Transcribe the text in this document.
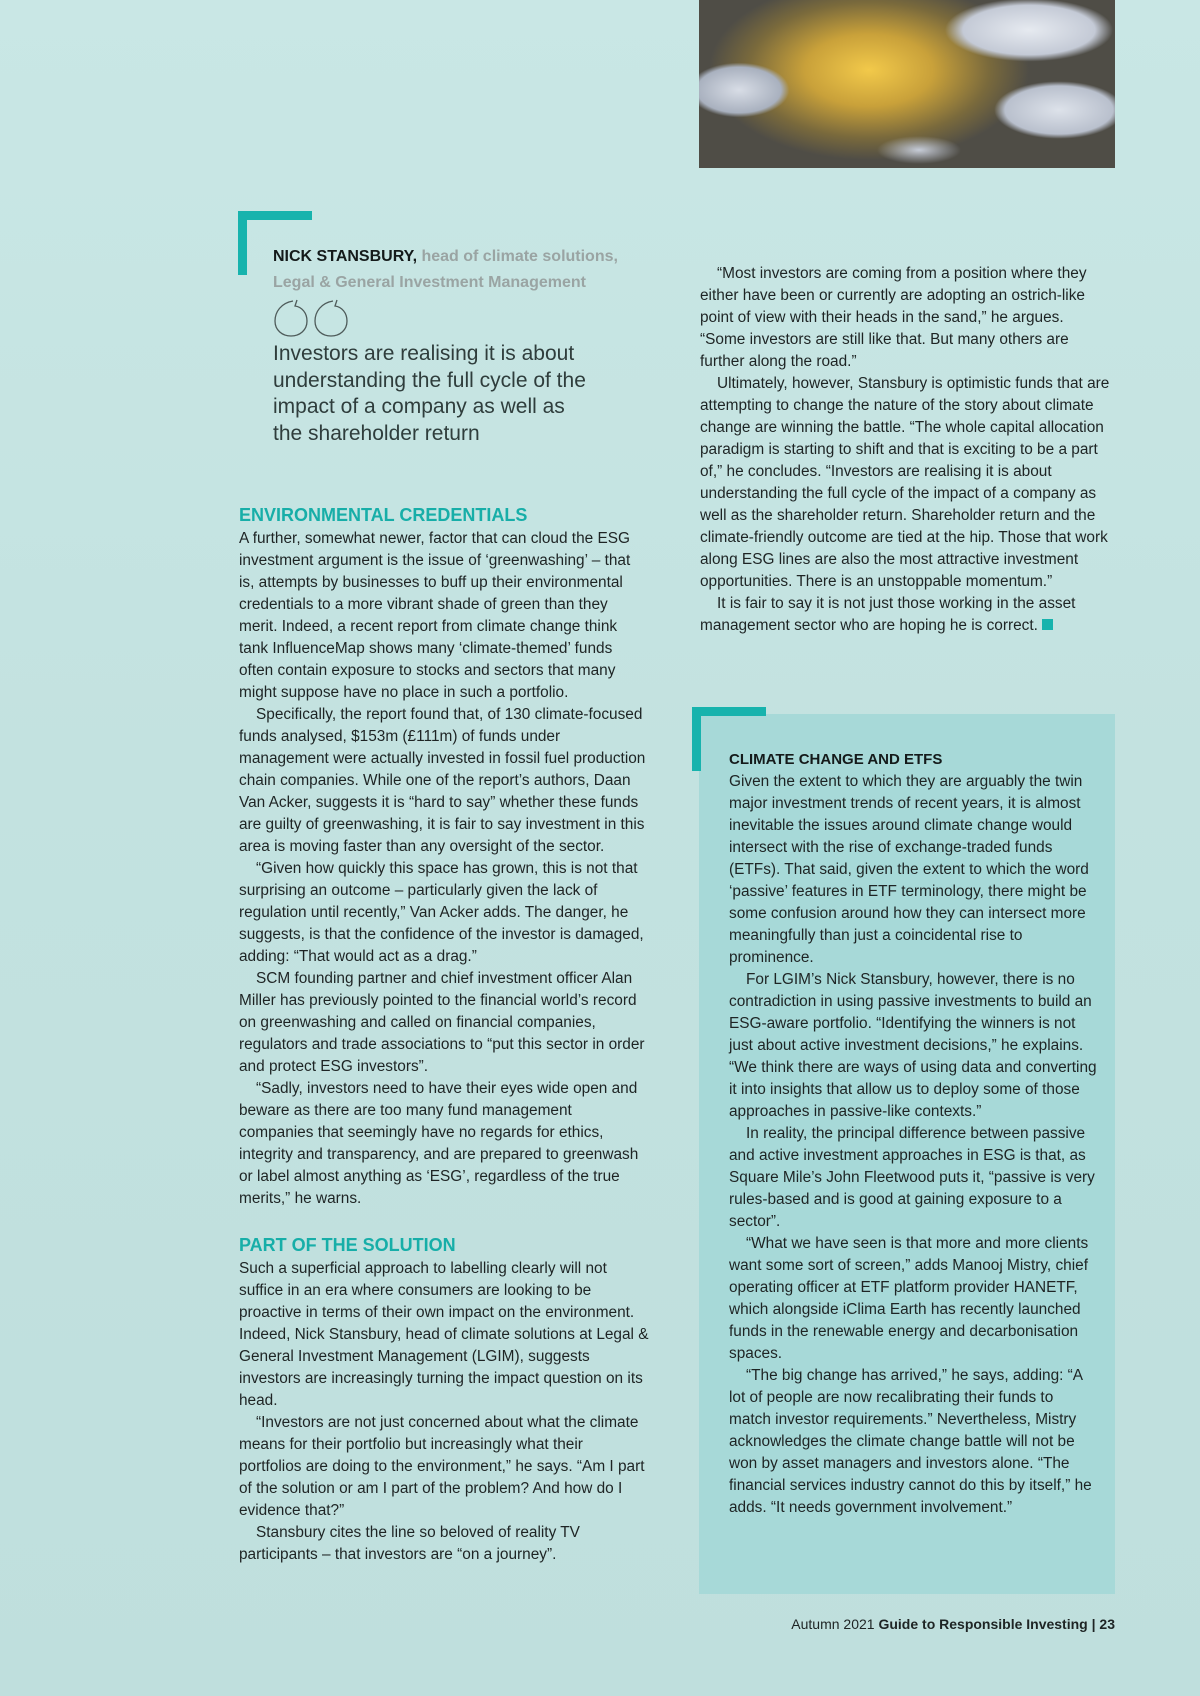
NICK STANSBURY, head of climate solutions, Legal & General Investment Management
Investors are realising it is about understanding the full cycle of the impact of a company as well as the shareholder return
ENVIRONMENTAL CREDENTIALS

A further, somewhat newer, factor that can cloud the ESG investment argument is the issue of ‘greenwashing’ – that is, attempts by businesses to buff up their environmental credentials to a more vibrant shade of green than they merit. Indeed, a recent report from climate change think tank InfluenceMap shows many ‘climate-themed’ funds often contain exposure to stocks and sectors that many might suppose have no place in such a portfolio.

Specifically, the report found that, of 130 climate-focused funds analysed, $153m (£111m) of funds under management were actually invested in fossil fuel production chain companies. While one of the report’s authors, Daan Van Acker, suggests it is “hard to say” whether these funds are guilty of greenwashing, it is fair to say investment in this area is moving faster than any oversight of the sector.

“Given how quickly this space has grown, this is not that surprising an outcome – particularly given the lack of regulation until recently,” Van Acker adds. The danger, he suggests, is that the confidence of the investor is damaged, adding: “That would act as a drag.”

SCM founding partner and chief investment officer Alan Miller has previously pointed to the financial world’s record on greenwashing and called on financial companies, regulators and trade associations to “put this sector in order and protect ESG investors”.

“Sadly, investors need to have their eyes wide open and beware as there are too many fund management companies that seemingly have no regards for ethics, integrity and transparency, and are prepared to greenwash or label almost anything as ‘ESG’, regardless of the true merits,” he warns.

PART OF THE SOLUTION

Such a superficial approach to labelling clearly will not suffice in an era where consumers are looking to be proactive in terms of their own impact on the environment. Indeed, Nick Stansbury, head of climate solutions at Legal & General Investment Management (LGIM), suggests investors are increasingly turning the impact question on its head.

“Investors are not just concerned about what the climate means for their portfolio but increasingly what their portfolios are doing to the environment,” he says. “Am I part of the solution or am I part of the problem? And how do I evidence that?”

Stansbury cites the line so beloved of reality TV participants – that investors are “on a journey”.

“Most investors are coming from a position where they either have been or currently are adopting an ostrich-like point of view with their heads in the sand,” he argues. “Some investors are still like that. But many others are further along the road.”

Ultimately, however, Stansbury is optimistic funds that are attempting to change the nature of the story about climate change are winning the battle. “The whole capital allocation paradigm is starting to shift and that is exciting to be a part of,” he concludes. “Investors are realising it is about understanding the full cycle of the impact of a company as well as the shareholder return. Shareholder return and the climate-friendly outcome are tied at the hip. Those that work along ESG lines are also the most attractive investment opportunities. There is an unstoppable momentum.”

It is fair to say it is not just those working in the asset management sector who are hoping he is correct.

CLIMATE CHANGE AND ETFS

Given the extent to which they are arguably the twin major investment trends of recent years, it is almost inevitable the issues around climate change would intersect with the rise of exchange-traded funds (ETFs). That said, given the extent to which the word ‘passive’ features in ETF terminology, there might be some confusion around how they can intersect more meaningfully than just a coincidental rise to prominence.

For LGIM’s Nick Stansbury, however, there is no contradiction in using passive investments to build an ESG-aware portfolio. “Identifying the winners is not just about active investment decisions,” he explains. “We think there are ways of using data and converting it into insights that allow us to deploy some of those approaches in passive-like contexts.”

In reality, the principal difference between passive and active investment approaches in ESG is that, as Square Mile’s John Fleetwood puts it, “passive is very rules-based and is good at gaining exposure to a sector”.

“What we have seen is that more and more clients want some sort of screen,” adds Manooj Mistry, chief operating officer at ETF platform provider HANETF, which alongside iClima Earth has recently launched funds in the renewable energy and decarbonisation spaces.

“The big change has arrived,” he says, adding: “A lot of people are now recalibrating their funds to match investor requirements.” Nevertheless, Mistry acknowledges the climate change battle will not be won by asset managers and investors alone. “The financial services industry cannot do this by itself,” he adds. “It needs government involvement.”

Autumn 2021 Guide to Responsible Investing | 23
